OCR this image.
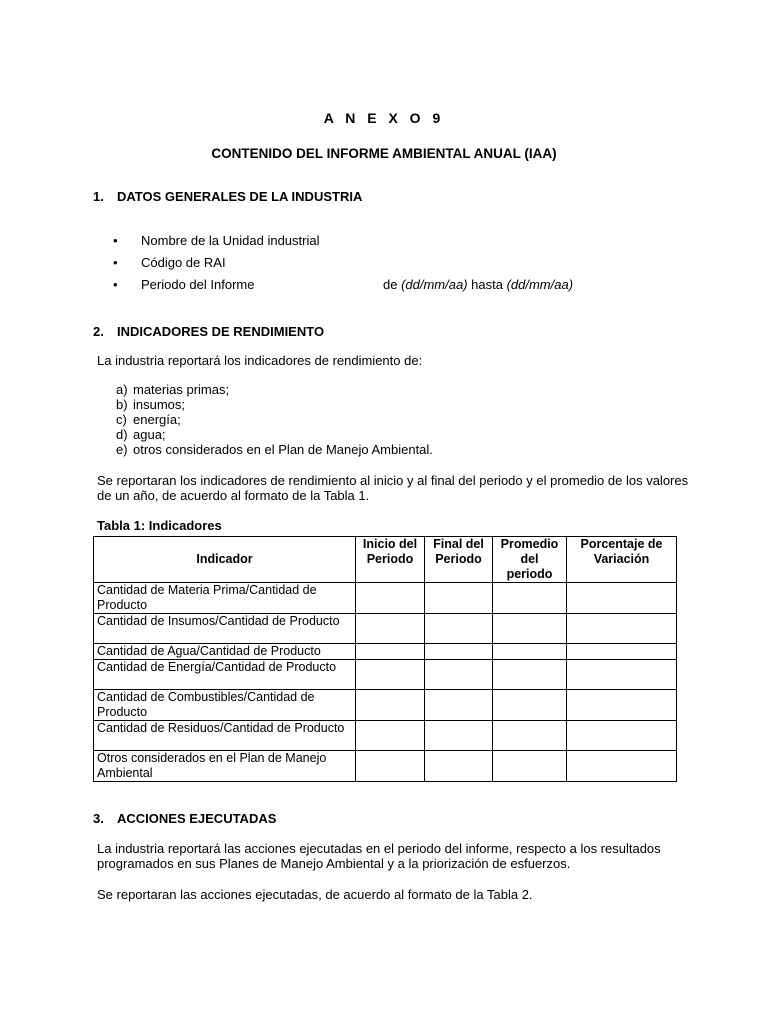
A N E X O 9
CONTENIDO DEL INFORME AMBIENTAL ANUAL (IAA)
1. DATOS GENERALES DE LA INDUSTRIA
• Nombre de la Unidad industrial
• Código de RAI
• Periodo del Informe	de (dd/mm/aa) hasta (dd/mm/aa)
2. INDICADORES DE RENDIMIENTO
La industria reportará los indicadores de rendimiento de:
a) materias primas;
b) insumos;
c) energía;
d) agua;
e) otros considerados en el Plan de Manejo Ambiental.
Se reportaran los indicadores de rendimiento al inicio y al final del periodo y el promedio de los valores de un año, de acuerdo al formato de la Tabla 1.
Tabla 1: Indicadores
Indicador	Inicio del Periodo	Final del Periodo	Promedio del periodo	Porcentaje de Variación
Cantidad de Materia Prima/Cantidad de Producto				
Cantidad de Insumos/Cantidad de Producto				
Cantidad de Agua/Cantidad de Producto				
Cantidad de Energía/Cantidad de Producto				
Cantidad de Combustibles/Cantidad de Producto				
Cantidad de Residuos/Cantidad de Producto				
Otros considerados en el Plan de Manejo Ambiental				
3. ACCIONES EJECUTADAS
La industria reportará las acciones ejecutadas en el periodo del informe, respecto a los resultados programados en sus Planes de Manejo Ambiental y a la priorización de esfuerzos.
Se reportaran las acciones ejecutadas, de acuerdo al formato de la Tabla 2.
